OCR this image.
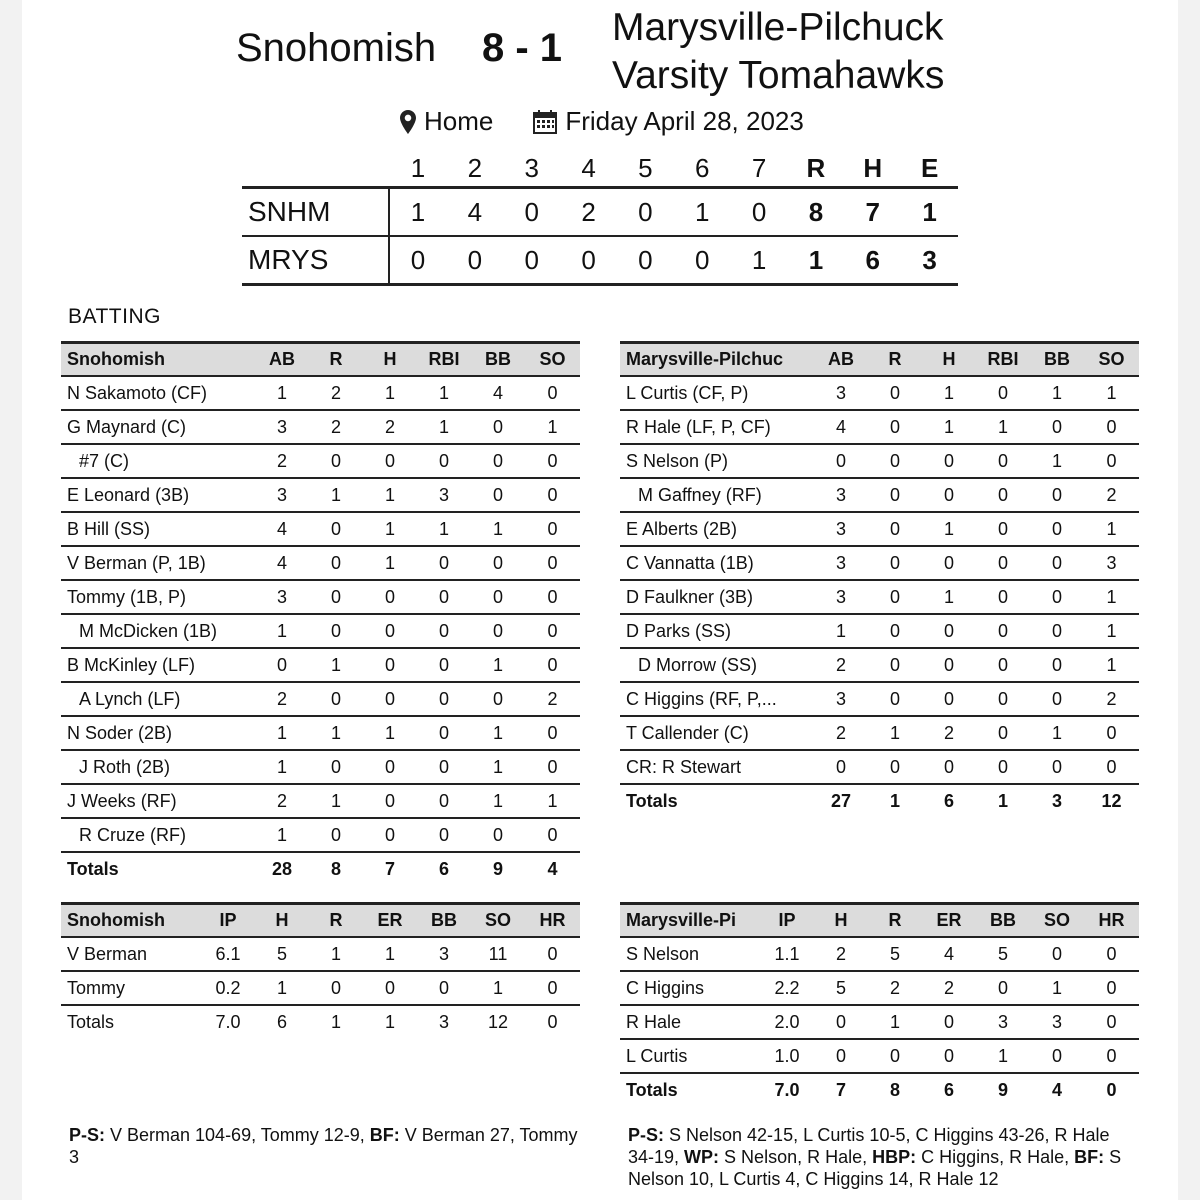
Snohomish 8 - 1 Marysville-Pilchuck
Varsity Tomahawks
Home	Friday April 28, 2023
1	2	3	4	5	6	7	R	H	E
SNHM	1	4	0	2	0	1	0	8	7	1
MRYS	0	0	0	0	0	0	1	1	6	3
BATTING
Snohomish	AB	R	H	RBI	BB	SO
N Sakamoto (CF)	1	2	1	1	4	0
G Maynard (C)	3	2	2	1	0	1
#7 (C)	2	0	0	0	0	0
E Leonard (3B)	3	1	1	3	0	0
B Hill (SS)	4	0	1	1	1	0
V Berman (P, 1B)	4	0	1	0	0	0
Tommy (1B, P)	3	0	0	0	0	0
M McDicken (1B)	1	0	0	0	0	0
B McKinley (LF)	0	1	0	0	1	0
A Lynch (LF)	2	0	0	0	0	2
N Soder (2B)	1	1	1	0	1	0
J Roth (2B)	1	0	0	0	1	0
J Weeks (RF)	2	1	0	0	1	1
R Cruze (RF)	1	0	0	0	0	0
Totals	28	8	7	6	9	4
Marysville-Pilchuc	AB	R	H	RBI	BB	SO
L Curtis (CF, P)	3	0	1	0	1	1
R Hale (LF, P, CF)	4	0	1	1	0	0
S Nelson (P)	0	0	0	0	1	0
M Gaffney (RF)	3	0	0	0	0	2
E Alberts (2B)	3	0	1	0	0	1
C Vannatta (1B)	3	0	0	0	0	3
D Faulkner (3B)	3	0	1	0	0	1
D Parks (SS)	1	0	0	0	0	1
D Morrow (SS)	2	0	0	0	0	1
C Higgins (RF, P,...	3	0	0	0	0	2
T Callender (C)	2	1	2	0	1	0
CR: R Stewart	0	0	0	0	0	0
Totals	27	1	6	1	3	12
Snohomish	IP	H	R	ER	BB	SO	HR
V Berman	6.1	5	1	1	3	11	0
Tommy	0.2	1	0	0	0	1	0
Totals	7.0	6	1	1	3	12	0
Marysville-Pi	IP	H	R	ER	BB	SO	HR
S Nelson	1.1	2	5	4	5	0	0
C Higgins	2.2	5	2	2	0	1	0
R Hale	2.0	0	1	0	3	3	0
L Curtis	1.0	0	0	0	1	0	0
Totals	7.0	7	8	6	9	4	0
P-S: V Berman 104-69, Tommy 12-9, BF: V Berman 27, Tommy 3
P-S: S Nelson 42-15, L Curtis 10-5, C Higgins 43-26, R Hale 34-19, WP: S Nelson, R Hale, HBP: C Higgins, R Hale, BF: S Nelson 10, L Curtis 4, C Higgins 14, R Hale 12
